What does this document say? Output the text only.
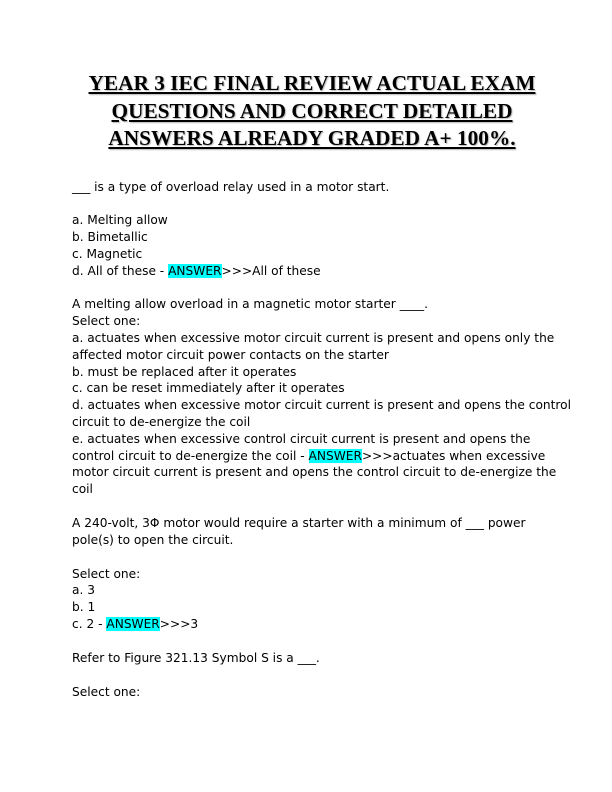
YEAR 3 IEC FINAL REVIEW ACTUAL EXAM
QUESTIONS AND CORRECT DETAILED
ANSWERS ALREADY GRADED A+ 100%.
___ is a type of overload relay used in a motor start.
a. Melting allow
b. Bimetallic
c. Magnetic
d. All of these - ANSWER>>>All of these
A melting allow overload in a magnetic motor starter ____.
Select one:
a. actuates when excessive motor circuit current is present and opens only the
affected motor circuit power contacts on the starter
b. must be replaced after it operates
c. can be reset immediately after it operates
d. actuates when excessive motor circuit current is present and opens the control
circuit to de-energize the coil
e. actuates when excessive control circuit current is present and opens the
control circuit to de-energize the coil - ANSWER>>>actuates when excessive
motor circuit current is present and opens the control circuit to de-energize the
coil
A 240-volt, 3Φ motor would require a starter with a minimum of ___ power
pole(s) to open the circuit.
Select one:
a. 3
b. 1
c. 2 - ANSWER>>>3
Refer to Figure 321.13 Symbol S is a ___.
Select one:
